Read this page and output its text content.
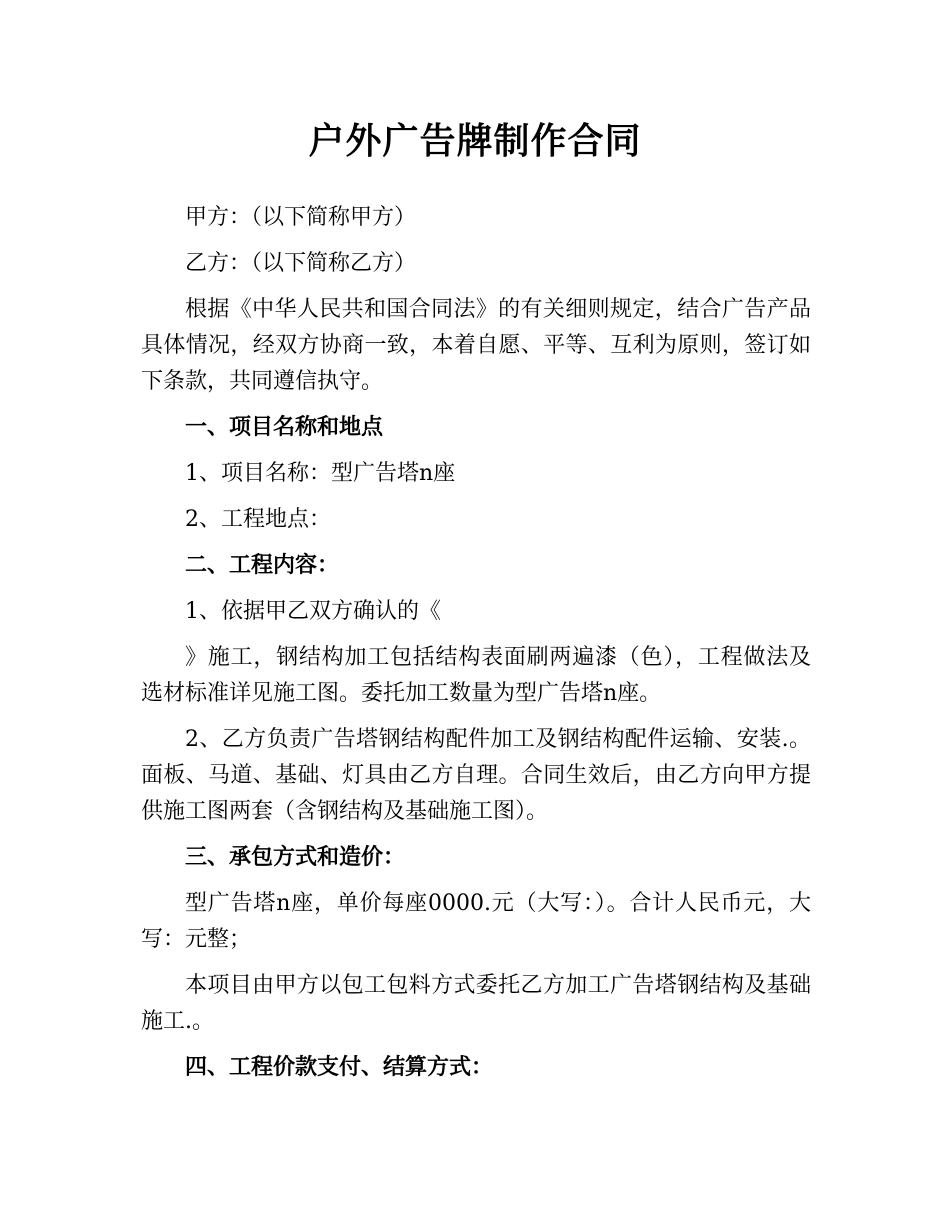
户外广告牌制作合同

甲方：（以下简称甲方）

乙方：（以下简称乙方）

根据《中华人民共和国合同法》的有关细则规定，结合广告产品具体情况，经双方协商一致，本着自愿、平等、互利为原则，签订如下条款，共同遵信执守。

一、项目名称和地点

1、项目名称：型广告塔n座

2、工程地点：

二、工程内容：

1、依据甲乙双方确认的《

》施工，钢结构加工包括结构表面刷两遍漆（色），工程做法及选材标准详见施工图。委托加工数量为型广告塔n座。

2、乙方负责广告塔钢结构配件加工及钢结构配件运输、安装.。面板、马道、基础、灯具由乙方自理。合同生效后，由乙方向甲方提供施工图两套（含钢结构及基础施工图）。

三、承包方式和造价：

型广告塔n座，单价每座0000.元（大写：）。合计人民币元，大写：元整；

本项目由甲方以包工包料方式委托乙方加工广告塔钢结构及基础施工.。

四、工程价款支付、结算方式：
